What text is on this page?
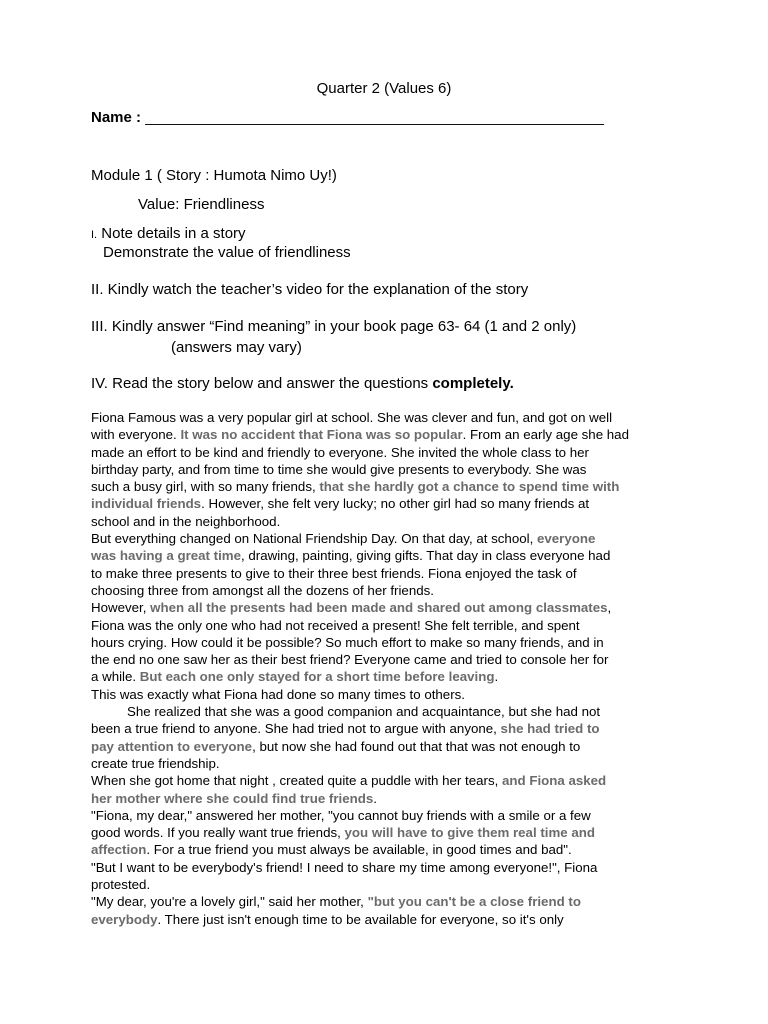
Quarter 2 (Values 6)
Name : _______________________________________________________
Module 1 ( Story : Humota Nimo Uy!)
Value: Friendliness
I. Note details in a story
Demonstrate the value of friendliness
II. Kindly watch the teacher’s video for the explanation of the story
III. Kindly answer “Find meaning” in your book page 63- 64 (1 and 2 only)
(answers may vary)
IV. Read the story below and answer the questions completely.

Fiona Famous was a very popular girl at school. She was clever and fun, and got on well

with everyone. It was no accident that Fiona was so popular. From an early age she had

made an effort to be kind and friendly to everyone. She invited the whole class to her

birthday party, and from time to time she would give presents to everybody. She was

such a busy girl, with so many friends, that she hardly got a chance to spend time with

individual friends. However, she felt very lucky; no other girl had so many friends at

school and in the neighborhood.

But everything changed on National Friendship Day. On that day, at school, everyone

was having a great time, drawing, painting, giving gifts. That day in class everyone had

to make three presents to give to their three best friends. Fiona enjoyed the task of

choosing three from amongst all the dozens of her friends.

However, when all the presents had been made and shared out among classmates,

Fiona was the only one who had not received a present! She felt terrible, and spent

hours crying. How could it be possible? So much effort to make so many friends, and in

the end no one saw her as their best friend? Everyone came and tried to console her for

a while. But each one only stayed for a short time before leaving.

This was exactly what Fiona had done so many times to others.

She realized that she was a good companion and acquaintance, but she had not

been a true friend to anyone. She had tried not to argue with anyone, she had tried to

pay attention to everyone, but now she had found out that that was not enough to

create true friendship.

When she got home that night , created quite a puddle with her tears, and Fiona asked

her mother where she could find true friends.

"Fiona, my dear," answered her mother, "you cannot buy friends with a smile or a few

good words. If you really want true friends, you will have to give them real time and

affection. For a true friend you must always be available, in good times and bad".

"But I want to be everybody's friend! I need to share my time among everyone!", Fiona

protested.

"My dear, you're a lovely girl," said her mother, "but you can't be a close friend to

everybody. There just isn't enough time to be available for everyone, so it's only
